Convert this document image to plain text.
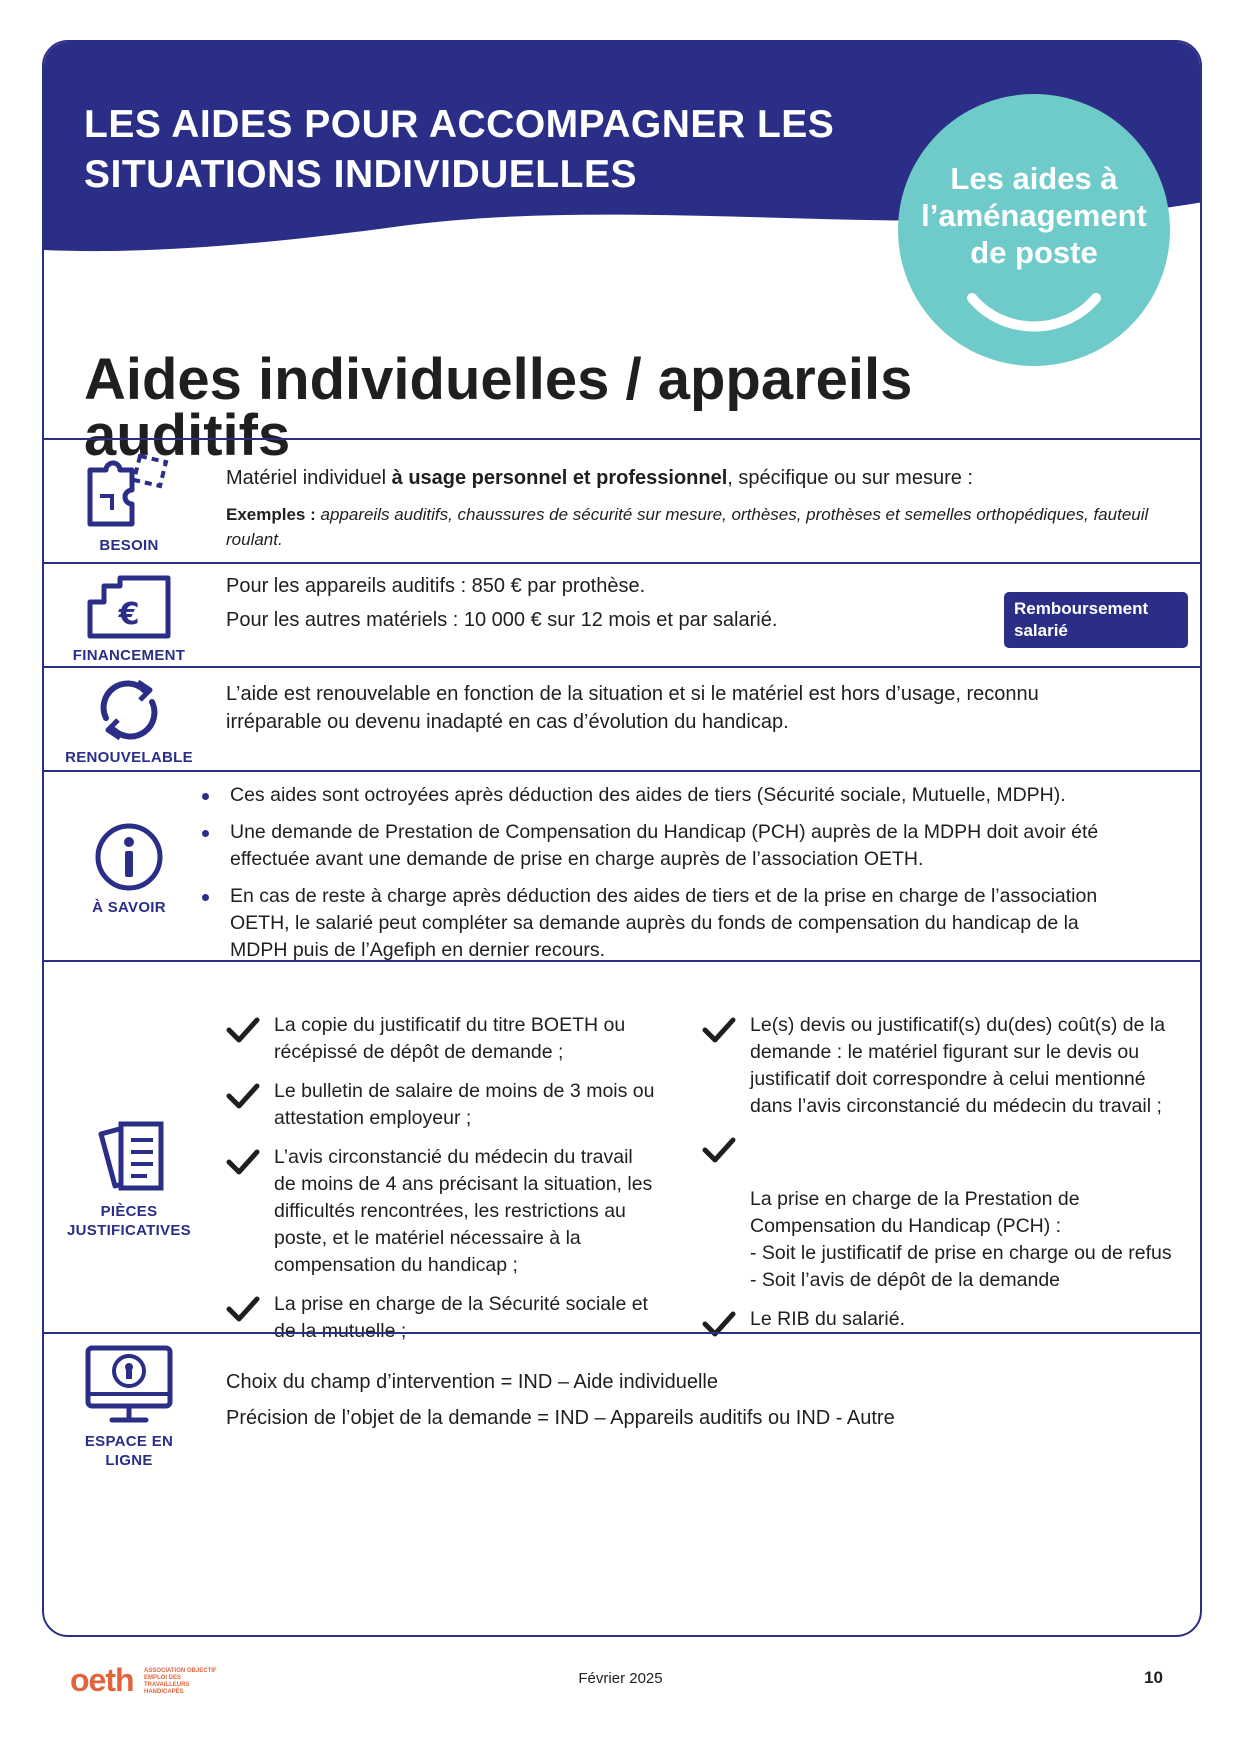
LES AIDES POUR ACCOMPAGNER LES SITUATIONS INDIVIDUELLES	Les aides à l’aménagement de poste
Aides individuelles / appareils auditifs
BESOIN
Matériel individuel à usage personnel et professionnel, spécifique ou sur mesure :
Exemples : appareils auditifs, chaussures de sécurité sur mesure, orthèses, prothèses et semelles orthopédiques, fauteuil roulant.
€
FINANCEMENT
Pour les appareils auditifs : 850 € par prothèse.
Pour les autres matériels : 10 000 € sur 12 mois et par salarié.
Remboursement salarié
RENOUVELABLE
L’aide est renouvelable en fonction de la situation et si le matériel est hors d’usage, reconnu irréparable ou devenu inadapté en cas d’évolution du handicap.
À SAVOIR
Ces aides sont octroyées après déduction des aides de tiers (Sécurité sociale, Mutuelle, MDPH).
Une demande de Prestation de Compensation du Handicap (PCH) auprès de la MDPH doit avoir été effectuée avant une demande de prise en charge auprès de l’association OETH.
En cas de reste à charge après déduction des aides de tiers et de la prise en charge de l’association OETH, le salarié peut compléter sa demande auprès du fonds de compensation du handicap de la MDPH puis de l’Agefiph en dernier recours.
PIÈCES JUSTIFICATIVES
La copie du justificatif du titre BOETH ou récépissé de dépôt de demande ;
Le bulletin de salaire de moins de 3 mois ou attestation employeur ;
L’avis circonstancié du médecin du travail de moins de 4 ans précisant la situation, les difficultés rencontrées, les restrictions au poste, et le matériel nécessaire à la compensation du handicap ;
La prise en charge de la Sécurité sociale et de la mutuelle ;
Le(s) devis ou justificatif(s) du(des) coût(s) de la demande : le matériel figurant sur le devis ou justificatif doit correspondre à celui mentionné dans l’avis circonstancié du médecin du travail ;

La prise en charge de la Prestation de Compensation du Handicap (PCH) :
- Soit le justificatif de prise en charge ou de refus
- Soit l’avis de dépôt de la demande

Le RIB du salarié.
ESPACE EN LIGNE
Choix du champ d’intervention = IND – Aide individuelle
Précision de l’objet de la demande = IND – Appareils auditifs ou IND - Autre
oeth ASSOCIATION OBJECTIF EMPLOI DES TRAVAILLEURS HANDICAPÉS
Février 2025	10
